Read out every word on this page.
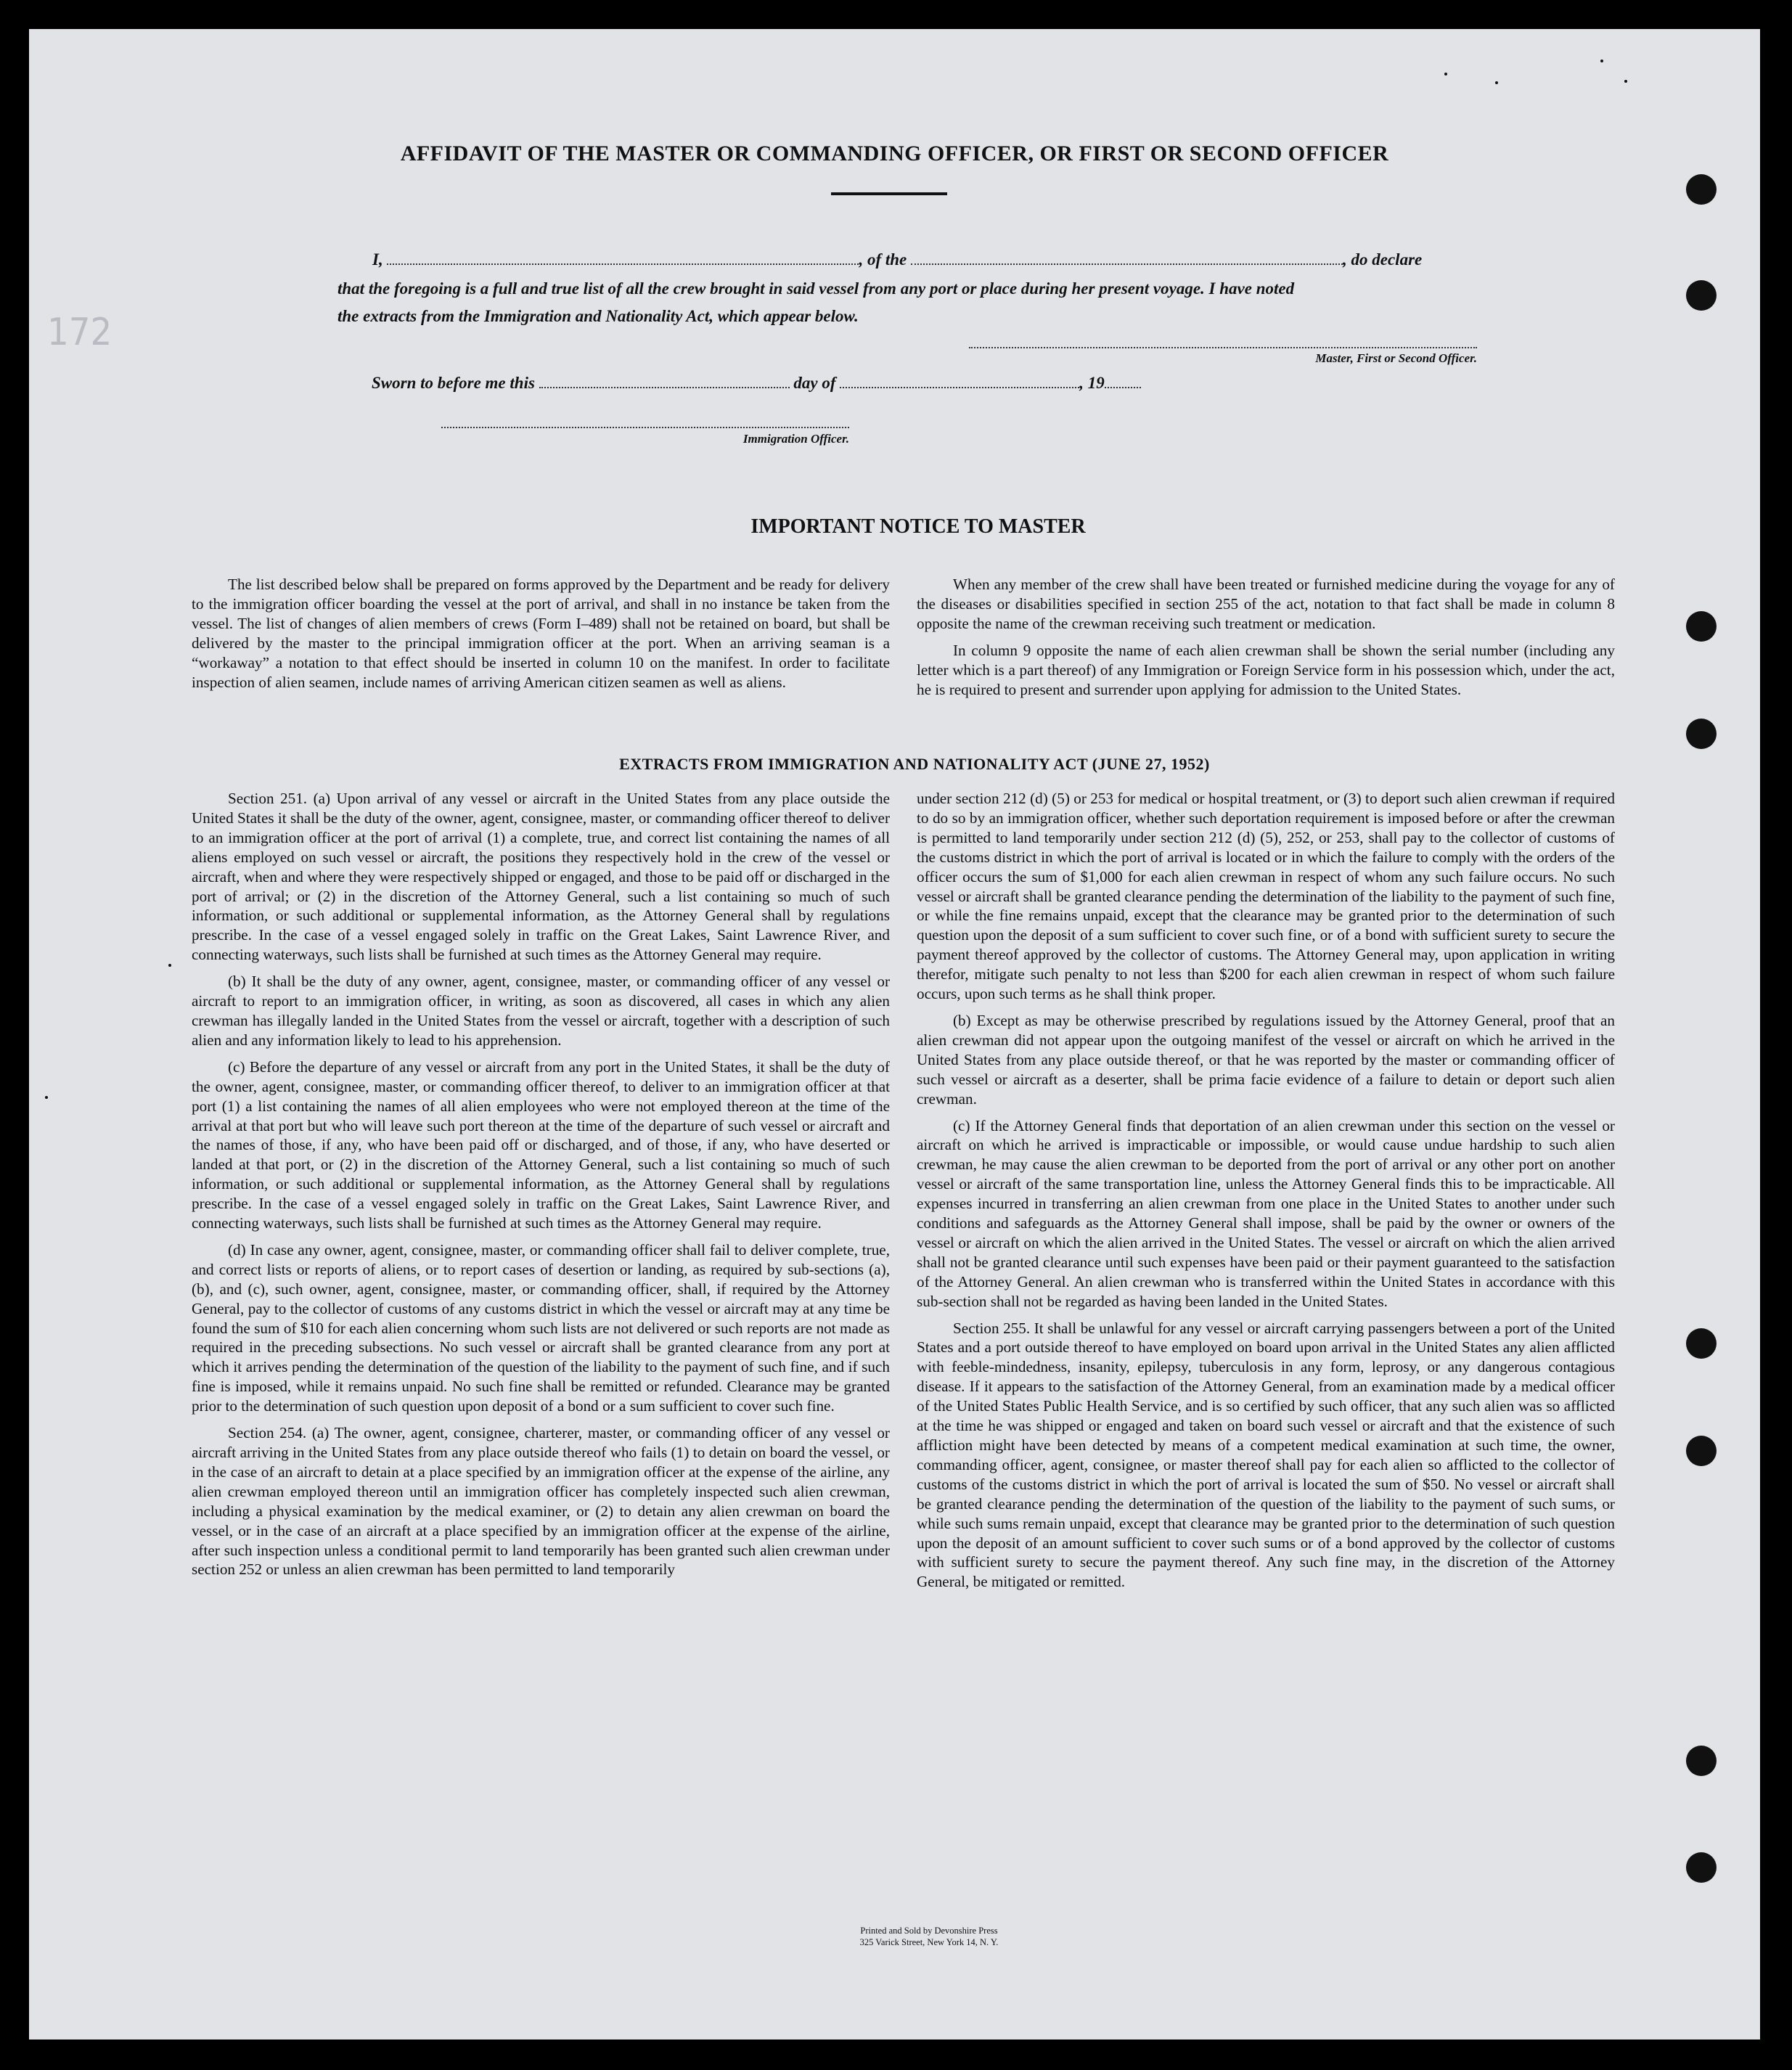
172
AFFIDAVIT OF THE MASTER OR COMMANDING OFFICER, OR FIRST OR SECOND OFFICER
I,	, of the	, do declare
that the foregoing is a full and true list of all the crew brought in said vessel from any port or place during her present voyage. I have noted
the extracts from the Immigration and Nationality Act, which appear below.
Master, First or Second Officer.
Sworn to before me this	day of	, 19
Immigration Officer.
IMPORTANT NOTICE TO MASTER

The list described below shall be prepared on forms approved by the Department and be ready for delivery to the immigration officer boarding the vessel at the port of arrival, and shall in no instance be taken from the vessel. The list of changes of alien members of crews (Form I–489) shall not be retained on board, but shall be delivered by the master to the principal immigration officer at the port. When an arriving seaman is a “workaway” a notation to that effect should be inserted in column 10 on the manifest. In order to facilitate inspection of alien seamen, include names of arriving American citizen seamen as well as aliens.

When any member of the crew shall have been treated or furnished medicine during the voyage for any of the diseases or disabilities specified in section 255 of the act, notation to that fact shall be made in column 8 opposite the name of the crewman receiving such treatment or medication.

In column 9 opposite the name of each alien crewman shall be shown the serial number (including any letter which is a part thereof) of any Immigration or Foreign Service form in his possession which, under the act, he is required to present and surrender upon applying for admission to the United States.

EXTRACTS FROM IMMIGRATION AND NATIONALITY ACT (JUNE 27, 1952)

Section 251. (a) Upon arrival of any vessel or aircraft in the United States from any place outside the United States it shall be the duty of the owner, agent, consignee, master, or commanding officer thereof to deliver to an immigration officer at the port of arrival (1) a complete, true, and correct list containing the names of all aliens employed on such vessel or aircraft, the positions they respectively hold in the crew of the vessel or aircraft, when and where they were respectively shipped or engaged, and those to be paid off or discharged in the port of arrival; or (2) in the discretion of the Attorney General, such a list containing so much of such information, or such additional or supplemental information, as the Attorney General shall by regulations prescribe. In the case of a vessel engaged solely in traffic on the Great Lakes, Saint Lawrence River, and connecting waterways, such lists shall be furnished at such times as the Attorney General may require.

(b) It shall be the duty of any owner, agent, consignee, master, or commanding officer of any vessel or aircraft to report to an immigration officer, in writing, as soon as discovered, all cases in which any alien crewman has illegally landed in the United States from the vessel or aircraft, together with a description of such alien and any information likely to lead to his apprehension.

(c) Before the departure of any vessel or aircraft from any port in the United States, it shall be the duty of the owner, agent, consignee, master, or commanding officer thereof, to deliver to an immigration officer at that port (1) a list containing the names of all alien employees who were not employed thereon at the time of the arrival at that port but who will leave such port thereon at the time of the departure of such vessel or aircraft and the names of those, if any, who have been paid off or discharged, and of those, if any, who have deserted or landed at that port, or (2) in the discretion of the Attorney General, such a list containing so much of such information, or such additional or supplemental information, as the Attorney General shall by regulations prescribe. In the case of a vessel engaged solely in traffic on the Great Lakes, Saint Lawrence River, and connecting waterways, such lists shall be furnished at such times as the Attorney General may require.

(d) In case any owner, agent, consignee, master, or commanding officer shall fail to deliver complete, true, and correct lists or reports of aliens, or to report cases of desertion or landing, as required by sub-sections (a), (b), and (c), such owner, agent, consignee, master, or commanding officer, shall, if required by the Attorney General, pay to the collector of customs of any customs district in which the vessel or aircraft may at any time be found the sum of $10 for each alien concerning whom such lists are not delivered or such reports are not made as required in the preceding subsections. No such vessel or aircraft shall be granted clearance from any port at which it arrives pending the determination of the question of the liability to the payment of such fine, and if such fine is imposed, while it remains unpaid. No such fine shall be remitted or refunded. Clearance may be granted prior to the determination of such question upon deposit of a bond or a sum sufficient to cover such fine.

Section 254. (a) The owner, agent, consignee, charterer, master, or commanding officer of any vessel or aircraft arriving in the United States from any place outside thereof who fails (1) to detain on board the vessel, or in the case of an aircraft to detain at a place specified by an immigration officer at the expense of the airline, any alien crewman employed thereon until an immigration officer has completely inspected such alien crewman, including a physical examination by the medical examiner, or (2) to detain any alien crewman on board the vessel, or in the case of an aircraft at a place specified by an immigration officer at the expense of the airline, after such inspection unless a conditional permit to land temporarily has been granted such alien crewman under section 252 or unless an alien crewman has been permitted to land temporarily

under section 212 (d) (5) or 253 for medical or hospital treatment, or (3) to deport such alien crewman if required to do so by an immigration officer, whether such deportation requirement is imposed before or after the crewman is permitted to land temporarily under section 212 (d) (5), 252, or 253, shall pay to the collector of customs of the customs district in which the port of arrival is located or in which the failure to comply with the orders of the officer occurs the sum of $1,000 for each alien crewman in respect of whom any such failure occurs. No such vessel or aircraft shall be granted clearance pending the determination of the liability to the payment of such fine, or while the fine remains unpaid, except that the clearance may be granted prior to the determination of such question upon the deposit of a sum sufficient to cover such fine, or of a bond with sufficient surety to secure the payment thereof approved by the collector of customs. The Attorney General may, upon application in writing therefor, mitigate such penalty to not less than $200 for each alien crewman in respect of whom such failure occurs, upon such terms as he shall think proper.

(b) Except as may be otherwise prescribed by regulations issued by the Attorney General, proof that an alien crewman did not appear upon the outgoing manifest of the vessel or aircraft on which he arrived in the United States from any place outside thereof, or that he was reported by the master or commanding officer of such vessel or aircraft as a deserter, shall be prima facie evidence of a failure to detain or deport such alien crewman.

(c) If the Attorney General finds that deportation of an alien crewman under this section on the vessel or aircraft on which he arrived is impracticable or impossible, or would cause undue hardship to such alien crewman, he may cause the alien crewman to be deported from the port of arrival or any other port on another vessel or aircraft of the same transportation line, unless the Attorney General finds this to be impracticable. All expenses incurred in transferring an alien crewman from one place in the United States to another under such conditions and safeguards as the Attorney General shall impose, shall be paid by the owner or owners of the vessel or aircraft on which the alien arrived in the United States. The vessel or aircraft on which the alien arrived shall not be granted clearance until such expenses have been paid or their payment guaranteed to the satisfaction of the Attorney General. An alien crewman who is transferred within the United States in accordance with this sub-section shall not be regarded as having been landed in the United States.

Section 255. It shall be unlawful for any vessel or aircraft carrying passengers between a port of the United States and a port outside thereof to have employed on board upon arrival in the United States any alien afflicted with feeble-mindedness, insanity, epilepsy, tuberculosis in any form, leprosy, or any dangerous contagious disease. If it appears to the satisfaction of the Attorney General, from an examination made by a medical officer of the United States Public Health Service, and is so certified by such officer, that any such alien was so afflicted at the time he was shipped or engaged and taken on board such vessel or aircraft and that the existence of such affliction might have been detected by means of a competent medical examination at such time, the owner, commanding officer, agent, consignee, or master thereof shall pay for each alien so afflicted to the collector of customs of the customs district in which the port of arrival is located the sum of $50. No vessel or aircraft shall be granted clearance pending the determination of the question of the liability to the payment of such sums, or while such sums remain unpaid, except that clearance may be granted prior to the determination of such question upon the deposit of an amount sufficient to cover such sums or of a bond approved by the collector of customs with sufficient surety to secure the payment thereof. Any such fine may, in the discretion of the Attorney General, be mitigated or remitted.

Printed and Sold by Devonshire Press
325 Varick Street, New York 14, N. Y.
